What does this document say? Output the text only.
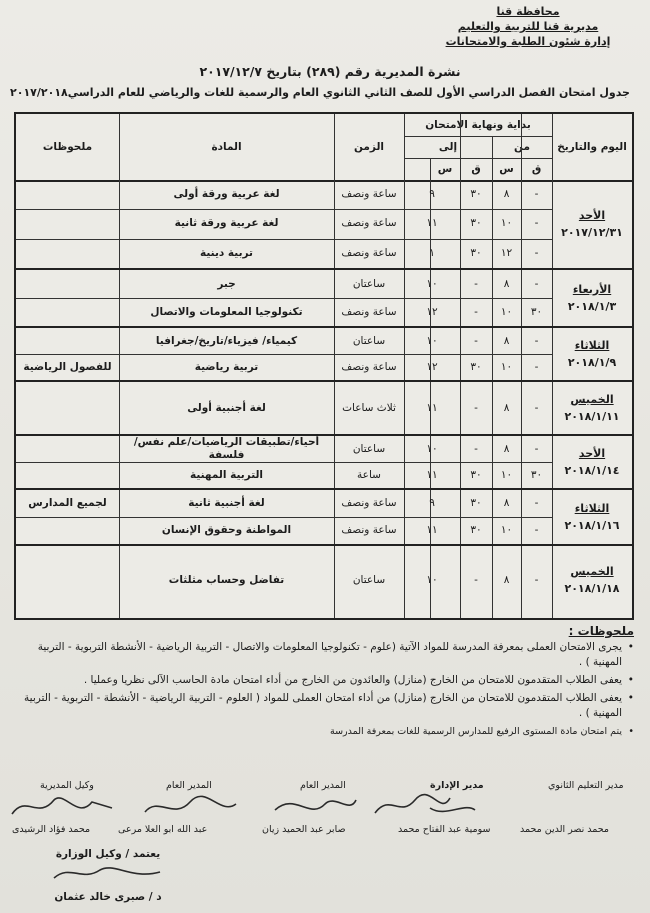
محافظة قنا
مديرية قنا للتربية والتعليم
إدارة شئون الطلبة والامتحانات
نشرة المديرية رقم (٢٨٩) بتاريخ ٢٠١٧/١٢/٧
جدول امتحان الفصل الدراسي الأول للصف الثاني الثانوي العام والرسمية للغات والرياضي للعام الدراسي٢٠١٧/٢٠١٨
اليوم والتاريخ
بداية ونهاية الامتحان
من
إلى
ق
س
ق
س
الزمن
المادة
ملحوظات
الأحد
٢٠١٧/١٢/٣١
-
٨
٣٠
٩
ساعة ونصف
لغة عربية ورقة أولى
-
١٠
٣٠
١١
ساعة ونصف
لغة عربية ورقة ثانية
-
١٢
٣٠
١
ساعة ونصف
تربية دينية
الأربعاء
٢٠١٨/١/٣
-
٨
-
١٠
ساعتان
جبر
٣٠
١٠
-
١٢
ساعة ونصف
تكنولوجيا المعلومات والاتصال
الثلاثاء
٢٠١٨/١/٩
-
٨
-
١٠
ساعتان
كيمياء/ فيزياء/تاريخ/جغرافيا
-
١٠
٣٠
١٢
ساعة ونصف
تربية رياضية
للفصول الرياضية
الخميس
٢٠١٨/١/١١
-
٨
-
١١
ثلاث ساعات
لغة أجنبية أولى
الأحد
٢٠١٨/١/١٤
-
٨
-
١٠
ساعتان
أحياء/تطبيقات الرياضيات/علم نفس/فلسفة
٣٠
١٠
٣٠
١١
ساعة
التربية المهنية
الثلاثاء
٢٠١٨/١/١٦
-
٨
٣٠
٩
ساعة ونصف
لغة أجنبية ثانية
لجميع المدارس
-
١٠
٣٠
١١
ساعة ونصف
المواطنة وحقوق الإنسان
الخميس
٢٠١٨/١/١٨
-
٨
-
١٠
ساعتان
تفاضل وحساب مثلثات
ملحوظات :
• يجرى الامتحان العملى بمعرفة المدرسة للمواد الآتية (علوم - تكنولوجيا المعلومات والاتصال - التربية الرياضية - الأنشطة التربوية - التربية المهنية ) .
• يعفى الطلاب المتقدمون للامتحان من الخارج (منازل) والعائدون من الخارج من أداء امتحان مادة الحاسب الآلى نظريا وعمليا .
• يعفى الطلاب المتقدمون للامتحان من الخارج (منازل) من أداء امتحان العملى للمواد ( العلوم - التربية الرياضية - الأنشطة - التربوية - التربية المهنية ) .
• يتم امتحان مادة المستوى الرفيع للمدارس الرسمية للغات بمعرفة المدرسة
مدير التعليم الثانوي
محمد نصر الدين محمد
مدير الإدارة
سومية عبد الفتاح محمد
المدير العام
صابر عبد الحميد زيان
المدير العام
عبد الله ابو العلا مرعى
وكيل المديرية
محمد فؤاد الرشيدى
يعتمد / وكيل الوزارة
د / صبرى خالد عثمان
